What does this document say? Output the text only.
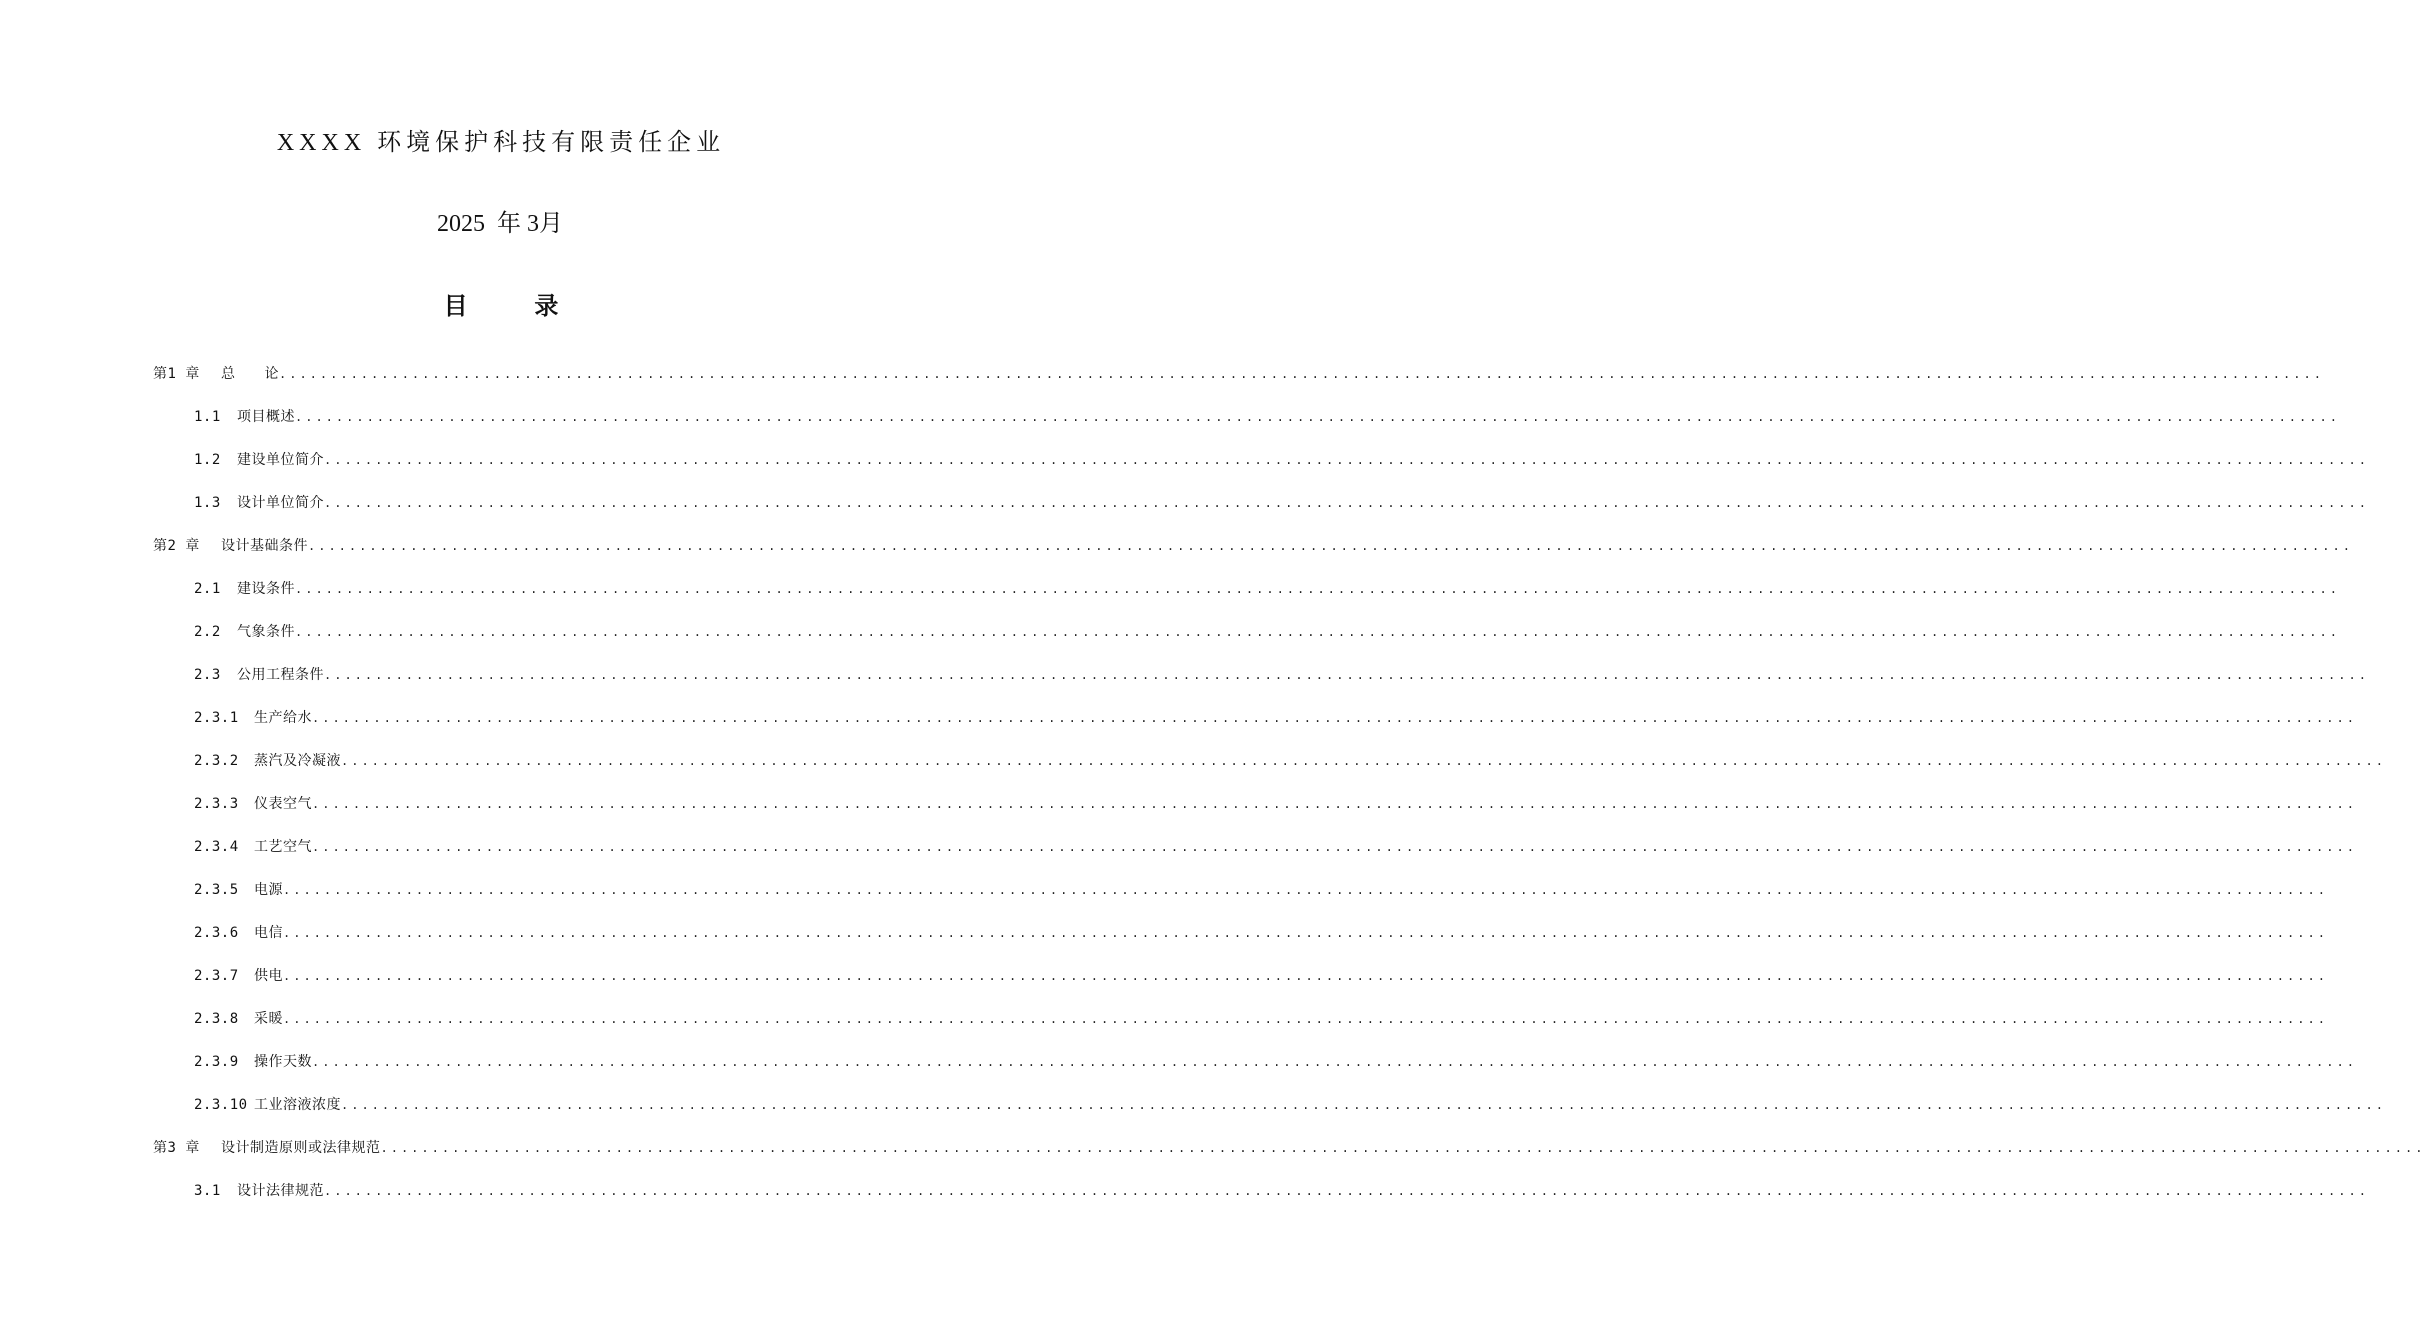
XXXX 环境保护科技有限责任企业
2025  年 3月
目        录
第1 章	总　　论 ........................................................................................................................................................................................................
1.1	项目概述 ........................................................................................................................................................................................................
1.2	建设单位简介 ........................................................................................................................................................................................................
1.3	设计单位简介 ........................................................................................................................................................................................................
第2 章	设计基础条件 ........................................................................................................................................................................................................
2.1	建设条件 ........................................................................................................................................................................................................
2.2	气象条件 ........................................................................................................................................................................................................
2.3	公用工程条件 ........................................................................................................................................................................................................
2.3.1	生产给水 ........................................................................................................................................................................................................
2.3.2	蒸汽及冷凝液 ........................................................................................................................................................................................................
2.3.3	仪表空气 ........................................................................................................................................................................................................
2.3.4	工艺空气 ........................................................................................................................................................................................................
2.3.5	电源 ........................................................................................................................................................................................................
2.3.6	电信 ........................................................................................................................................................................................................
2.3.7	供电 ........................................................................................................................................................................................................
2.3.8	采暖 ........................................................................................................................................................................................................
2.3.9	操作天数 ........................................................................................................................................................................................................
2.3.10 工业溶液浓度 ........................................................................................................................................................................................................
第3 章	设计制造原则或法律规范 ........................................................................................................................................................................................................
3.1	设计法律规范 ........................................................................................................................................................................................................
